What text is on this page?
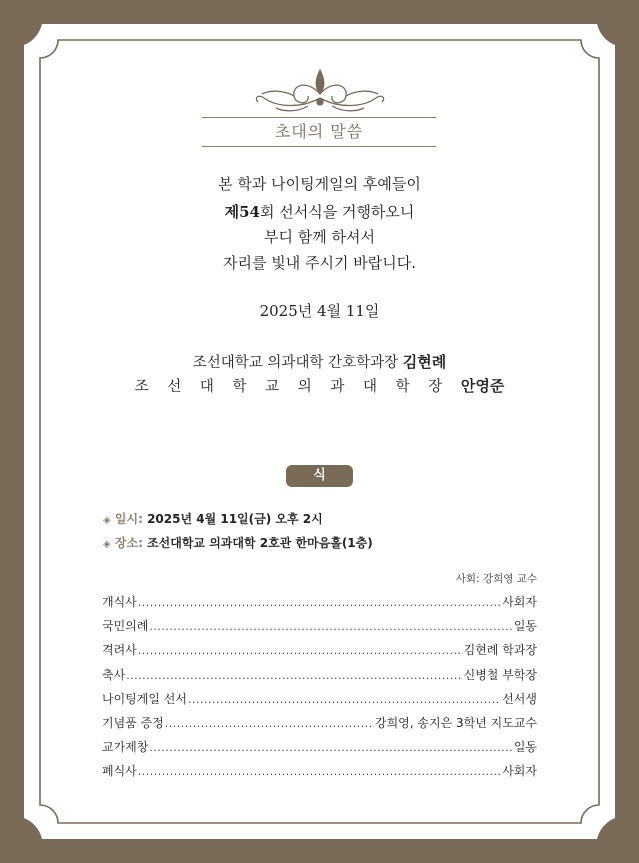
초대의 말씀
본 학과 나이팅게일의 후예들이
제54회 선서식을 거행하오니
부디 함께 하셔서
자리를 빛내 주시기 바랍니다.
2025년 4월 11일
조선대학교 의과대학 간호학과장 김현례
조 선 대 학 교 의 과 대 학 장 안영준
식 순
◈ 일시: 2025년 4월 11일(금) 오후 2시
◈ 장소: 조선대학교 의과대학 2호관 한마음홀(1층)
사회: 강희영 교수
개식사 .....	사회자
국민의례 .....	일동
격려사 .....	김현례 학과장
축사 .....	신병철 부학장
나이팅게일 선서 .....	선서생
기념품 증정 .....	강희영, 송지은 3학년 지도교수
교가제창 .....	일동
폐식사 .....	사회자
